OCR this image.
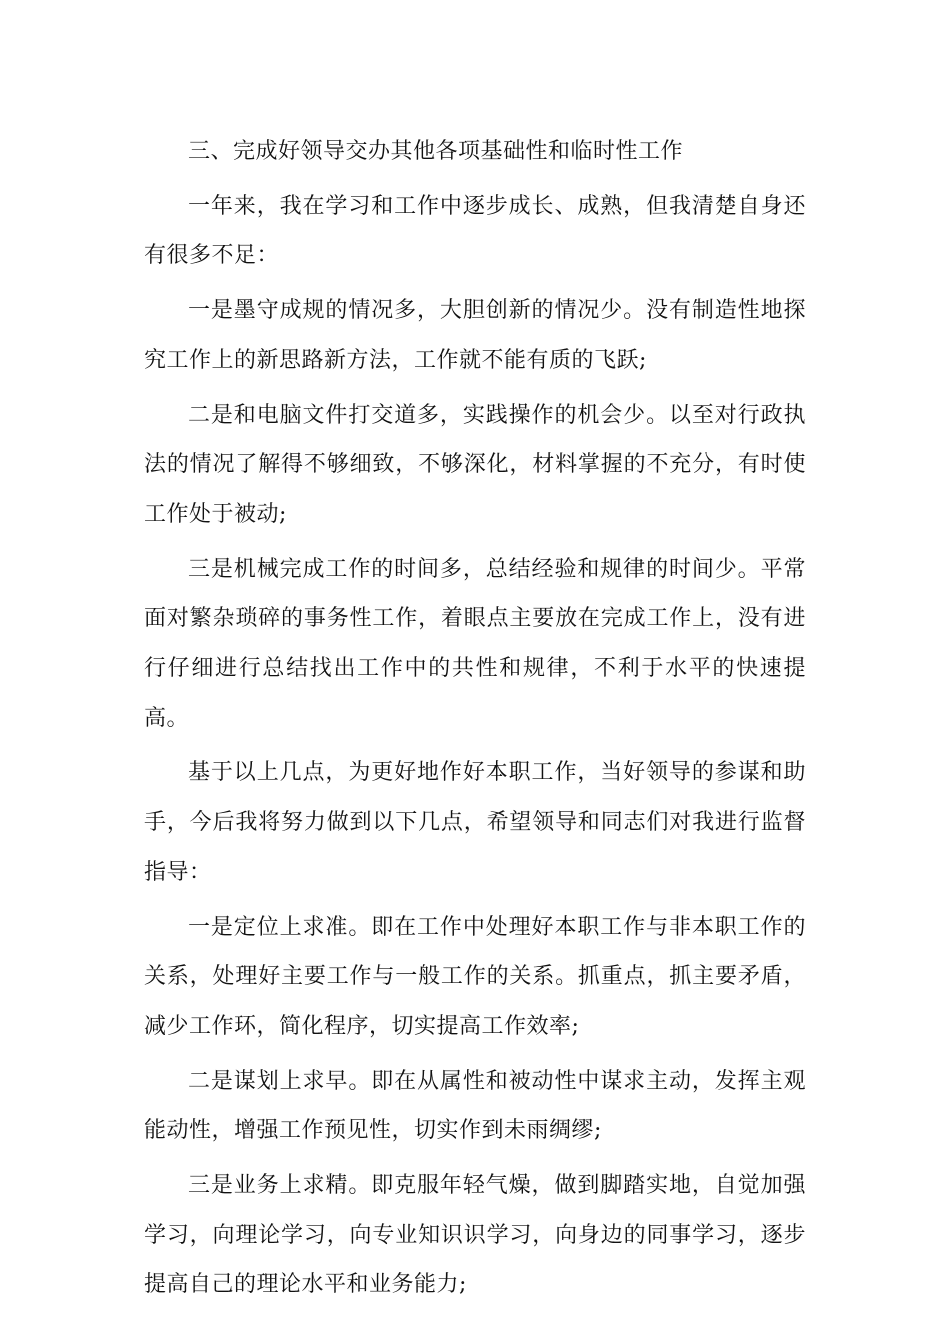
三、完成好领导交办其他各项基础性和临时性工作

一年来，我在学习和工作中逐步成长、成熟，但我清楚自身还有很多不足：

一是墨守成规的情况多，大胆创新的情况少。没有制造性地探究工作上的新思路新方法，工作就不能有质的飞跃;

二是和电脑文件打交道多，实践操作的机会少。以至对行政执法的情况了解得不够细致，不够深化，材料掌握的不充分，有时使工作处于被动;

三是机械完成工作的时间多，总结经验和规律的时间少。平常面对繁杂琐碎的事务性工作，着眼点主要放在完成工作上，没有进行仔细进行总结找出工作中的共性和规律，不利于水平的快速提高。

基于以上几点，为更好地作好本职工作，当好领导的参谋和助手，今后我将努力做到以下几点，希望领导和同志们对我进行监督指导：

一是定位上求准。即在工作中处理好本职工作与非本职工作的关系，处理好主要工作与一般工作的关系。抓重点，抓主要矛盾，减少工作环，简化程序，切实提高工作效率;

二是谋划上求早。即在从属性和被动性中谋求主动，发挥主观能动性，增强工作预见性，切实作到未雨绸缪;

三是业务上求精。即克服年轻气燥，做到脚踏实地，自觉加强学习，向理论学习，向专业知识识学习，向身边的同事学习，逐步提高自己的理论水平和业务能力;
